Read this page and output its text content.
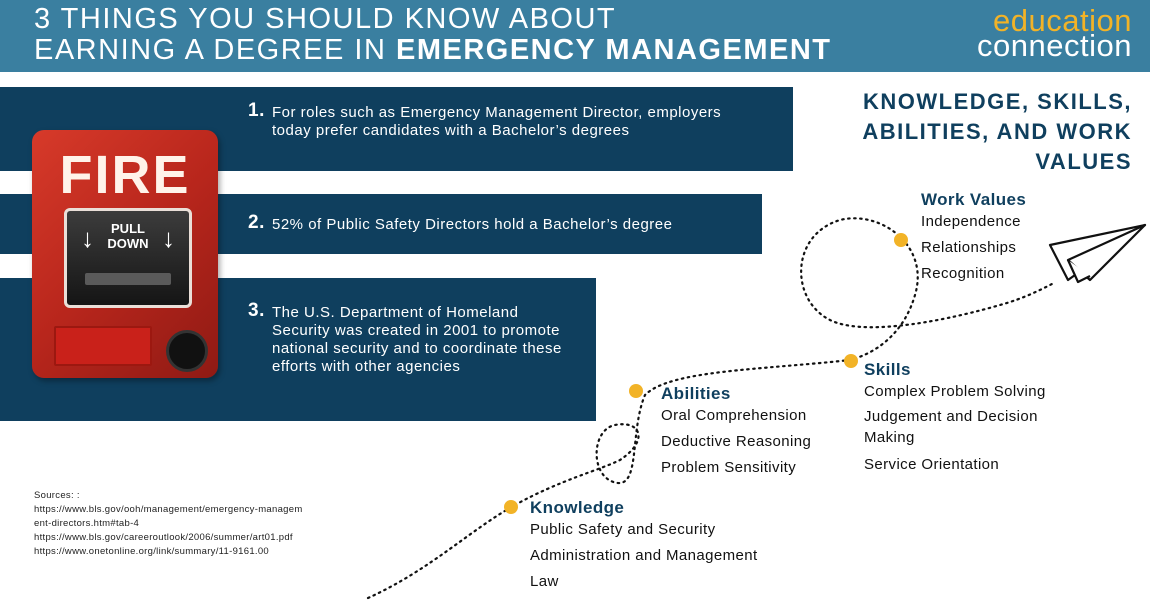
3 THINGS YOU SHOULD KNOW ABOUT
EARNING A DEGREE IN EMERGENCY MANAGEMENT
education
connection
1. For roles such as Emergency Management Director, employers today prefer candidates with a Bachelor’s degrees
2. 52% of Public Safety Directors hold a Bachelor’s degree
3. The U.S. Department of Homeland Security was created in 2001 to promote national security and to coordinate these efforts with other agencies
FIRE
↓	PULL
DOWN ↓
KNOWLEDGE, SKILLS, ABILITIES, AND WORK VALUES
Work Values
Independence
Relationships
Recognition
Skills
Complex Problem Solving
Judgement and Decision Making
Service Orientation
Abilities
Oral Comprehension
Deductive Reasoning
Problem Sensitivity
Knowledge
Public Safety and Security
Administration and Management
Law
Sources: :
https://www.bls.gov/ooh/management/emergency-managem
ent-directors.htm#tab-4
https://www.bls.gov/careeroutlook/2006/summer/art01.pdf
https://www.onetonline.org/link/summary/11-9161.00
